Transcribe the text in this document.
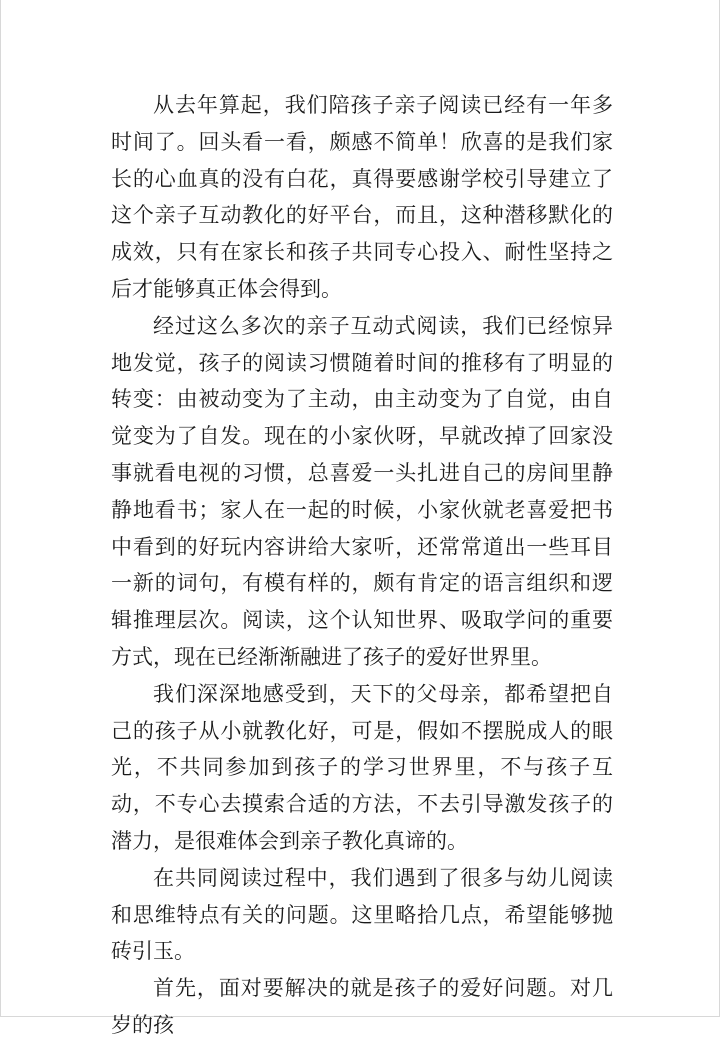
从去年算起，我们陪孩子亲子阅读已经有一年多时间了。回头看一看，颇感不简单！欣喜的是我们家长的心血真的没有白花，真得要感谢学校引导建立了这个亲子互动教化的好平台，而且，这种潜移默化的成效，只有在家长和孩子共同专心投入、耐性坚持之后才能够真正体会得到。

经过这么多次的亲子互动式阅读，我们已经惊异地发觉，孩子的阅读习惯随着时间的推移有了明显的转变：由被动变为了主动，由主动变为了自觉，由自觉变为了自发。现在的小家伙呀，早就改掉了回家没事就看电视的习惯，总喜爱一头扎进自己的房间里静静地看书；家人在一起的时候，小家伙就老喜爱把书中看到的好玩内容讲给大家听，还常常道出一些耳目一新的词句，有模有样的，颇有肯定的语言组织和逻辑推理层次。阅读，这个认知世界、吸取学问的重要方式，现在已经渐渐融进了孩子的爱好世界里。

我们深深地感受到，天下的父母亲，都希望把自己的孩子从小就教化好，可是，假如不摆脱成人的眼光，不共同参加到孩子的学习世界里，不与孩子互动，不专心去摸索合适的方法，不去引导激发孩子的潜力，是很难体会到亲子教化真谛的。

在共同阅读过程中，我们遇到了很多与幼儿阅读和思维特点有关的问题。这里略拾几点，希望能够抛砖引玉。

首先，面对要解决的就是孩子的爱好问题。对几岁的孩
